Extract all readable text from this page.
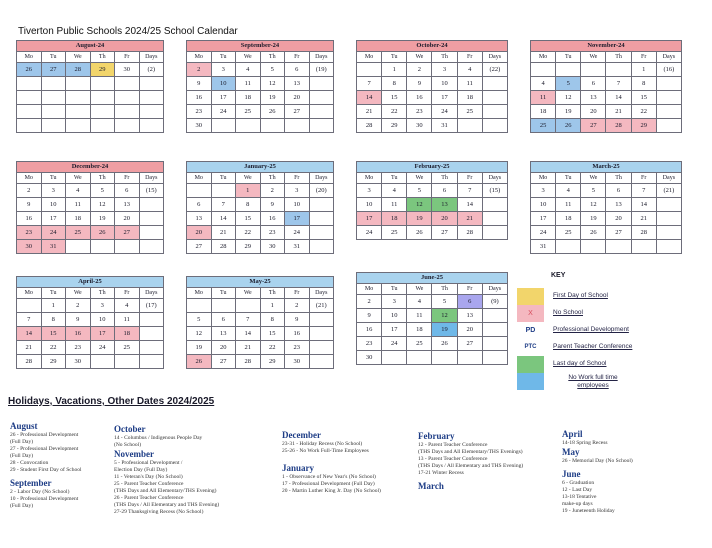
Tiverton Public Schools 2024/25 School Calendar
August-24					
Mo	Tu	We	Th	Fr	Days
26	27	28	29	30	(2)

September-24					
Mo	Tu	We	Th	Fr	Days
2	3	4	5	6	(19)
9	10	11	12	13	
16	17	18	19	20	
23	24	25	26	27	
30					
October-24					
Mo	Tu	We	Th	Fr	Days
	1	2	3	4	(22)
7	8	9	10	11	
14	15	16	17	18	
21	22	23	24	25	
28	29	30	31		
November-24					
Mo	Tu	We	Th	Fr	Days
				1	(16)
4	5	6	7	8	
11	12	13	14	15	
18	19	20	21	22	
25	26	27	28	29	
December-24					
Mo	Tu	We	Th	Fr	Days
2	3	4	5	6	(15)
9	10	11	12	13	
16	17	18	19	20	
23	24	25	26	27	
30	31				
January-25					
Mo	Tu	We	Th	Fr	Days
		1	2	3	(20)
6	7	8	9	10	
13	14	15	16	17	
20	21	22	23	24	
27	28	29	30	31	
February-25					
Mo	Tu	We	Th	Fr	Days
3	4	5	6	7	(15)
10	11	12	13	14	
17	18	19	20	21	
24	25	26	27	28	
March-25					
Mo	Tu	We	Th	Fr	Days
3	4	5	6	7	(21)
10	11	12	13	14	
17	18	19	20	21	
24	25	26	27	28	
31					
April-25					
Mo	Tu	We	Th	Fr	Days
	1	2	3	4	(17)
7	8	9	10	11	
14	15	16	17	18	
21	22	23	24	25	
28	29	30			
May-25					
Mo	Tu	We	Th	Fr	Days
			1	2	(21)
5	6	7	8	9	
12	13	14	15	16	
19	20	21	22	23	
26	27	28	29	30	
June-25					
Mo	Tu	We	Th	Fr	Days
2	3	4	5	6	(9)
9	10	11	12	13	
16	17	18	19	20	
23	24	25	26	27	
30					
KEY
First Day of School
X	No School
PD	Professional Development
PTC	Parent Teacher Conference
Last day of School
No Work full time employees
Holidays, Vacations, Other Dates 2024/2025
August
26 - Professional Development
(Full Day)
27 - Professional Development
(Full Day)
28 - Convocation
29 - Student First Day of School
September
2 - Labor Day (No School)
10 - Professional Development
(Full Day)
October
14 - Columbus / Indigenous People Day
(No School)
November
5 - Professional Development /
Election Day (Full Day)
11 - Veteran's Day (No School)
25 - Parent Teacher Conference
(THS Days and All Elementary/THS Evening)
26 - Parent Teacher Conference
(THS Days / All Elementary and THS Evening)
27-29 Thanksgiving Recess (No School)
December
23-31 - Holiday Recess (No School)
25-26 - No Work Full-Time Employees
January
1 - Observance of New Year's (No School)
17 - Professional Development (Full Day)
20 - Martin Luther King Jr. Day (No School)
February
12 - Parent Teacher Conference
(THS Days and All Elementary/THS Evenings)
13 - Parent Teacher Conference
(THS Days / All Elementary and THS Evening)
17-21 Winter Recess
March
April
14-18 Spring Recess
May
26 - Memorial Day (No School)
June
6 - Graduation
12 - Last Day
13-18 Tentative
make-up days
19 - Juneteenth Holiday
